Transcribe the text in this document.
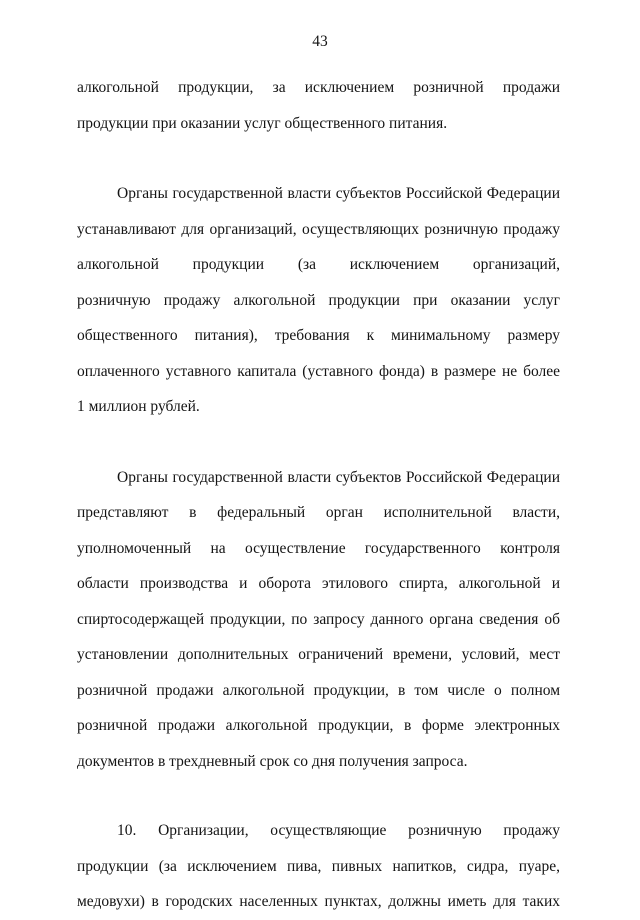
43
алкогольной продукции, за исключением розничной продажи
продукции при оказании услуг общественного питания.
Органы государственной власти субъектов Российской Федерации
устанавливают для организаций, осуществляющих розничную продажу
алкогольной продукции (за исключением организаций,
розничную продажу алкогольной продукции при оказании услуг
общественного питания), требования к минимальному размеру
оплаченного уставного капитала (уставного фонда) в размере не более
1 миллион рублей.
Органы государственной власти субъектов Российской Федерации
представляют в федеральный орган исполнительной власти,
уполномоченный на осуществление государственного контроля
области производства и оборота этилового спирта, алкогольной и
спиртосодержащей продукции, по запросу данного органа сведения об
установлении дополнительных ограничений времени, условий, мест
розничной продажи алкогольной продукции, в том числе о полном
розничной продажи алкогольной продукции, в форме электронных
документов в трехдневный срок со дня получения запроса.
10. Организации, осуществляющие розничную продажу
продукции (за исключением пива, пивных напитков, сидра, пуаре,
медовухи) в городских населенных пунктах, должны иметь для таких
